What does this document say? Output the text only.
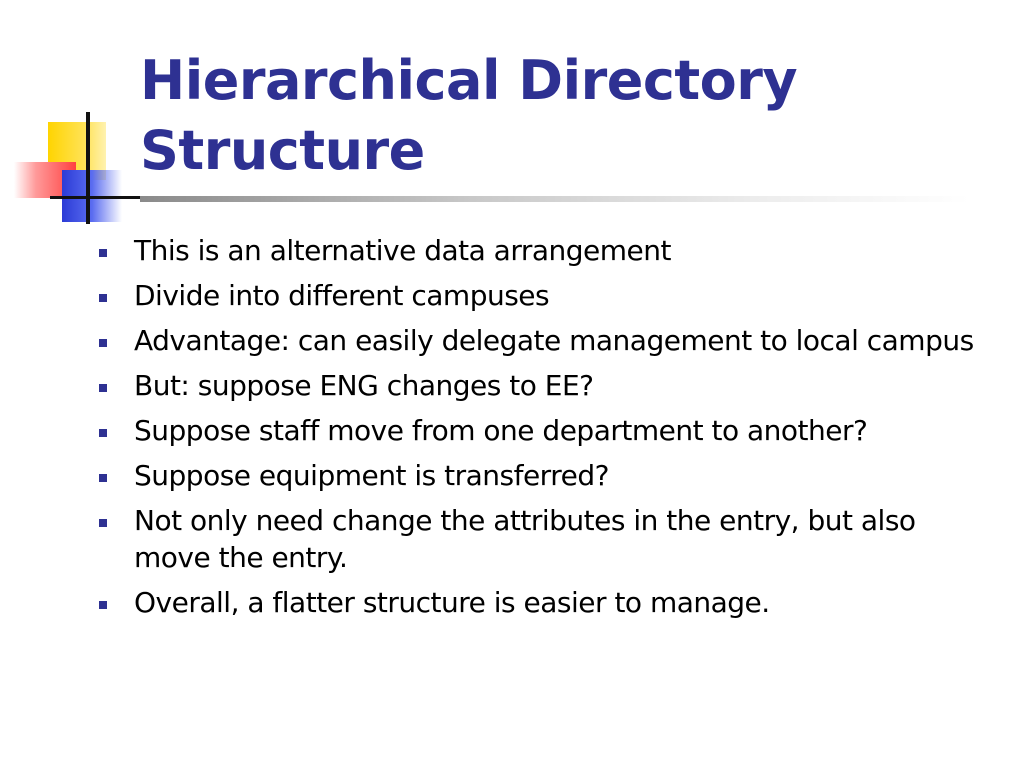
Hierarchical Directory Structure
This is an alternative data arrangement
Divide into different campuses
Advantage: can easily delegate management to local campus
But: suppose ENG changes to EE?
Suppose staff move from one department to another?
Suppose equipment is transferred?
Not only need change the attributes in the entry, but also move the entry.
Overall, a flatter structure is easier to manage.
